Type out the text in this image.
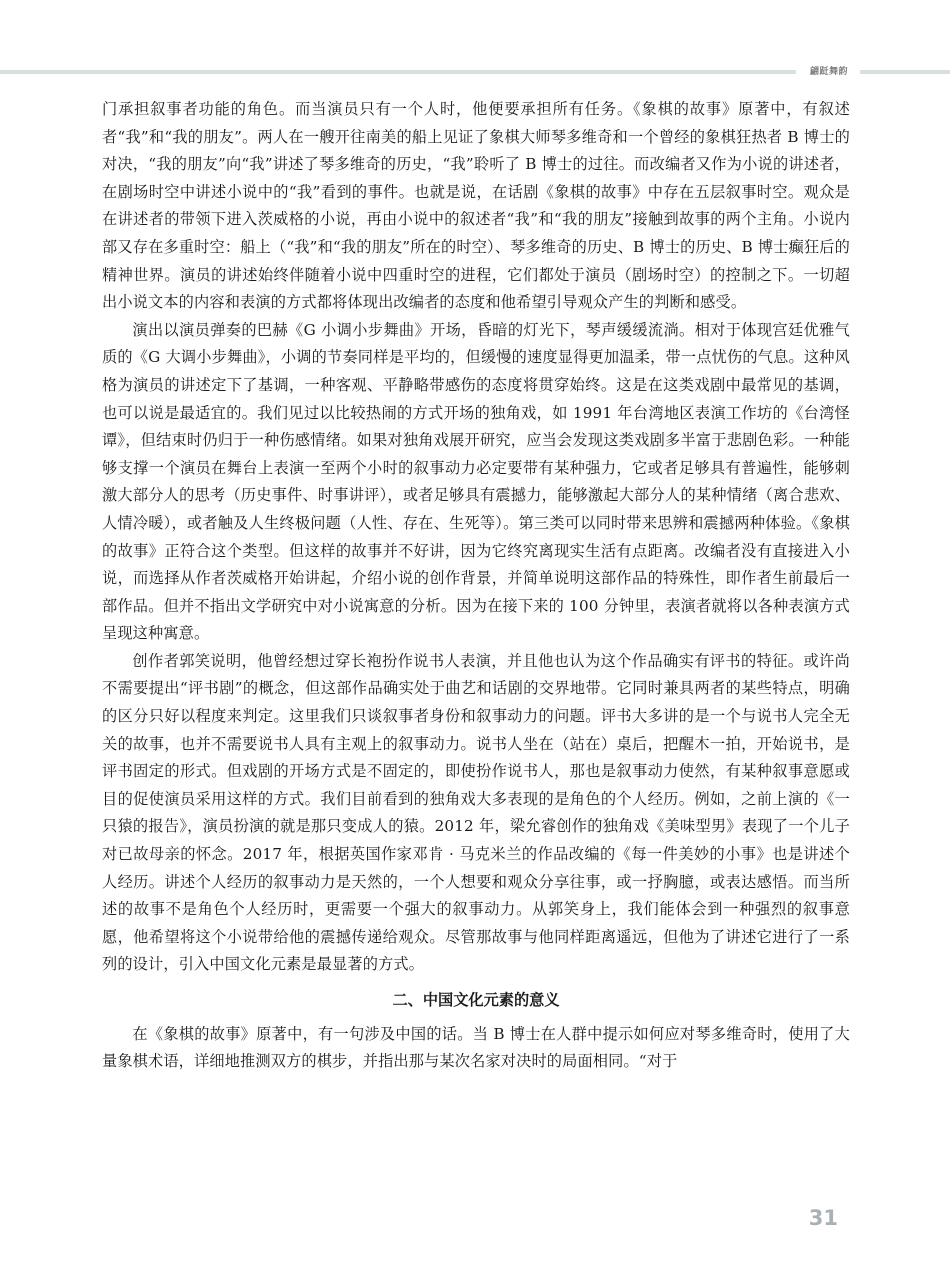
翩跹舞韵

门承担叙事者功能的角色。而当演员只有一个人时，他便要承担所有任务。《象棋的故事》原著中，有叙述者“我”和“我的朋友”。两人在一艘开往南美的船上见证了象棋大师琴多维奇和一个曾经的象棋狂热者 B 博士的对决，“我的朋友”向“我”讲述了琴多维奇的历史，“我”聆听了 B 博士的过往。而改编者又作为小说的讲述者，在剧场时空中讲述小说中的“我”看到的事件。也就是说，在话剧《象棋的故事》中存在五层叙事时空。观众是在讲述者的带领下进入茨威格的小说，再由小说中的叙述者“我”和“我的朋友”接触到故事的两个主角。小说内部又存在多重时空：船上（“我”和“我的朋友”所在的时空）、琴多维奇的历史、B 博士的历史、B 博士癫狂后的精神世界。演员的讲述始终伴随着小说中四重时空的进程，它们都处于演员（剧场时空）的控制之下。一切超出小说文本的内容和表演的方式都将体现出改编者的态度和他希望引导观众产生的判断和感受。

演出以演员弹奏的巴赫《G 小调小步舞曲》开场，昏暗的灯光下，琴声缓缓流淌。相对于体现宫廷优雅气质的《G 大调小步舞曲》，小调的节奏同样是平均的，但缓慢的速度显得更加温柔，带一点忧伤的气息。这种风格为演员的讲述定下了基调，一种客观、平静略带感伤的态度将贯穿始终。这是在这类戏剧中最常见的基调，也可以说是最适宜的。我们见过以比较热闹的方式开场的独角戏，如 1991 年台湾地区表演工作坊的《台湾怪谭》，但结束时仍归于一种伤感情绪。如果对独角戏展开研究，应当会发现这类戏剧多半富于悲剧色彩。一种能够支撑一个演员在舞台上表演一至两个小时的叙事动力必定要带有某种强力，它或者足够具有普遍性，能够刺激大部分人的思考（历史事件、时事讲评），或者足够具有震撼力，能够激起大部分人的某种情绪（离合悲欢、人情冷暖），或者触及人生终极问题（人性、存在、生死等）。第三类可以同时带来思辨和震撼两种体验。《象棋的故事》正符合这个类型。但这样的故事并不好讲，因为它终究离现实生活有点距离。改编者没有直接进入小说，而选择从作者茨威格开始讲起，介绍小说的创作背景，并简单说明这部作品的特殊性，即作者生前最后一部作品。但并不指出文学研究中对小说寓意的分析。因为在接下来的 100 分钟里，表演者就将以各种表演方式呈现这种寓意。

创作者郭笑说明，他曾经想过穿长袍扮作说书人表演，并且他也认为这个作品确实有评书的特征。或许尚不需要提出“评书剧”的概念，但这部作品确实处于曲艺和话剧的交界地带。它同时兼具两者的某些特点，明确的区分只好以程度来判定。这里我们只谈叙事者身份和叙事动力的问题。评书大多讲的是一个与说书人完全无关的故事，也并不需要说书人具有主观上的叙事动力。说书人坐在（站在）桌后，把醒木一拍，开始说书，是评书固定的形式。但戏剧的开场方式是不固定的，即使扮作说书人，那也是叙事动力使然，有某种叙事意愿或目的促使演员采用这样的方式。我们目前看到的独角戏大多表现的是角色的个人经历。例如，之前上演的《一只猿的报告》，演员扮演的就是那只变成人的猿。2012 年，梁允睿创作的独角戏《美味型男》表现了一个儿子对已故母亲的怀念。2017 年，根据英国作家邓肯 · 马克米兰的作品改编的《每一件美妙的小事》也是讲述个人经历。讲述个人经历的叙事动力是天然的，一个人想要和观众分享往事，或一抒胸臆，或表达感悟。而当所述的故事不是角色个人经历时，更需要一个强大的叙事动力。从郭笑身上，我们能体会到一种强烈的叙事意愿，他希望将这个小说带给他的震撼传递给观众。尽管那故事与他同样距离遥远，但他为了讲述它进行了一系列的设计，引入中国文化元素是最显著的方式。

二、中国文化元素的意义

在《象棋的故事》原著中，有一句涉及中国的话。当 B 博士在人群中提示如何应对琴多维奇时，使用了大量象棋术语，详细地推测双方的棋步，并指出那与某次名家对决时的局面相同。“对于

31
